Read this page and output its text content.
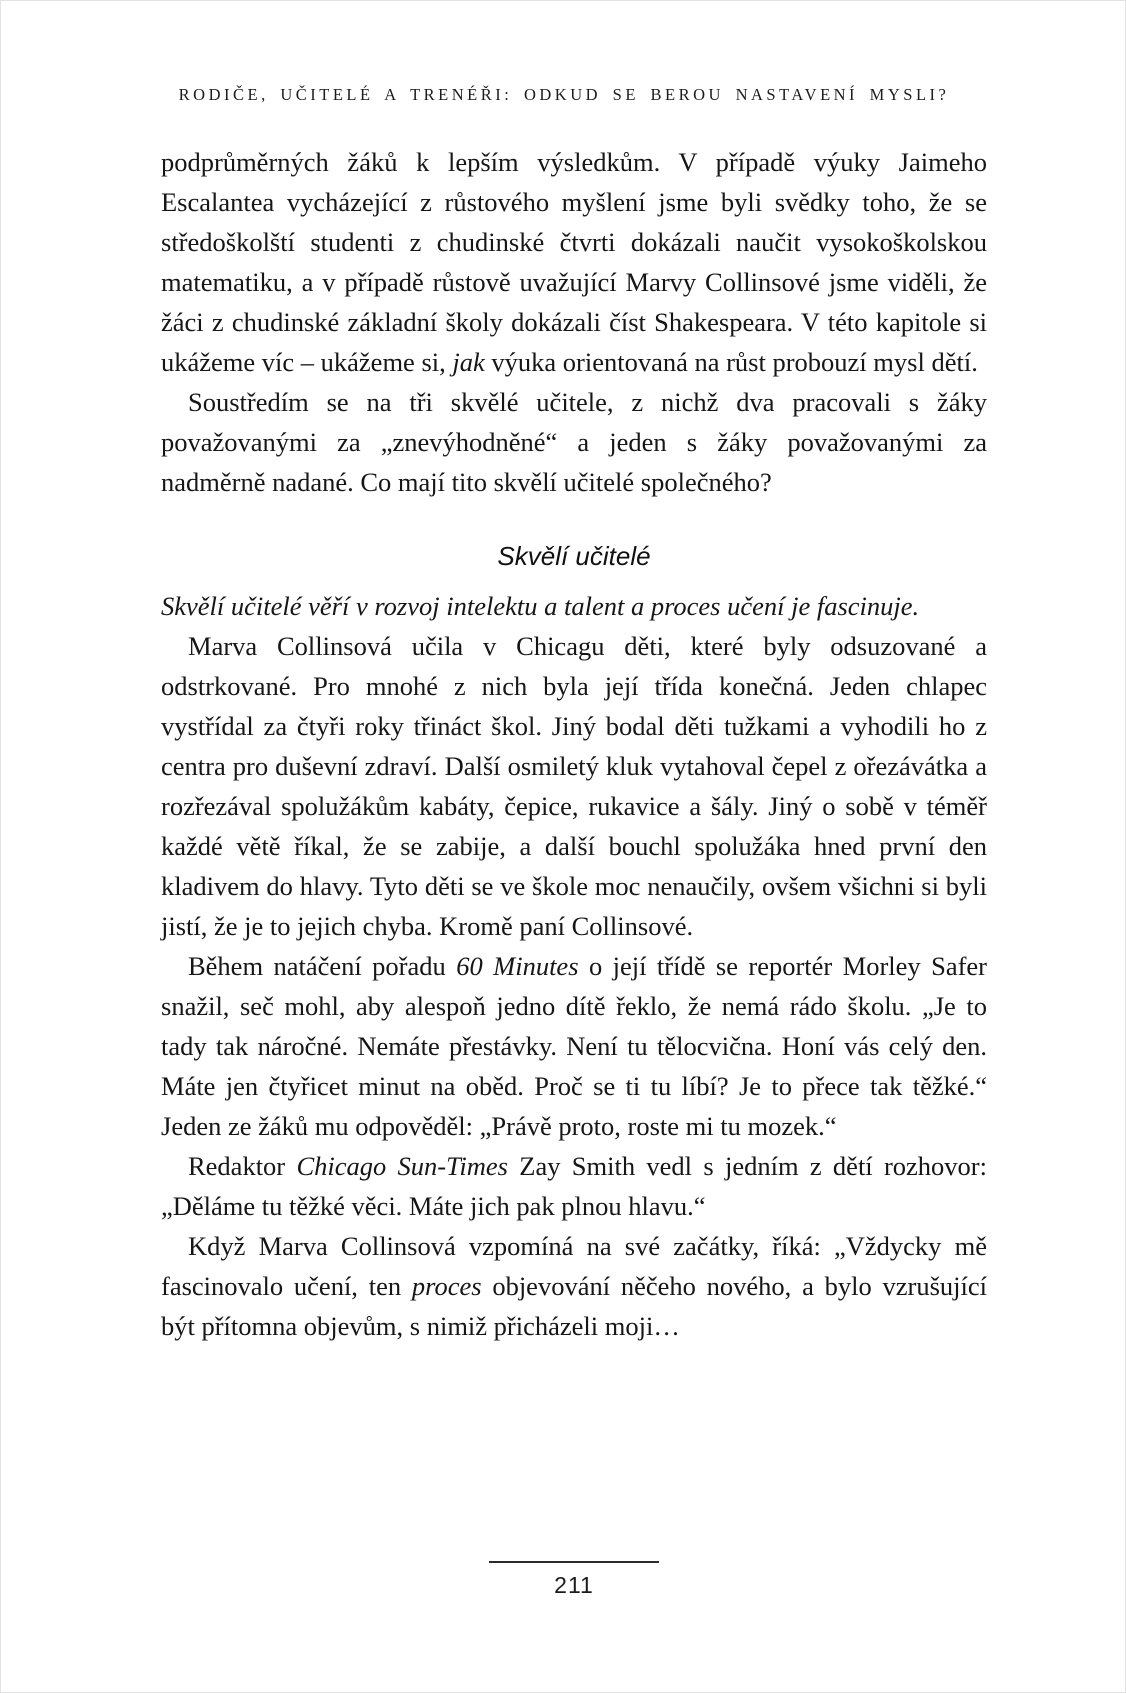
RODIČE, UČITELÉ A TRENÉŘI: ODKUD SE BEROU NASTAVENÍ MYSLI?

podprůměrných žáků k lepším výsledkům. V případě výuky Jaimeho Escalantea vycházející z růstového myšlení jsme byli svědky toho, že se středoškolští studenti z chudinské čtvrti dokázali naučit vysokoškolskou matematiku, a v případě růstově uvažující Marvy Collinsové jsme viděli, že žáci z chudinské základní školy dokázali číst Shakespeara. V této kapitole si ukážeme víc – ukážeme si, jak výuka orientovaná na růst probouzí mysl dětí.

Soustředím se na tři skvělé učitele, z nichž dva pracovali s žáky považovanými za „znevýhodněné“ a jeden s žáky považovanými za nadměrně nadané. Co mají tito skvělí učitelé společného?

Skvělí učitelé

Skvělí učitelé věří v rozvoj intelektu a talent a proces učení je fascinuje.

Marva Collinsová učila v Chicagu děti, které byly odsuzované a odstrkované. Pro mnohé z nich byla její třída konečná. Jeden chlapec vystřídal za čtyři roky třináct škol. Jiný bodal děti tužkami a vyhodili ho z centra pro duševní zdraví. Další osmiletý kluk vytahoval čepel z ořezávátka a rozřezával spolužákům kabáty, čepice, rukavice a šály. Jiný o sobě v téměř každé větě říkal, že se zabije, a další bouchl spolužáka hned první den kladivem do hlavy. Tyto děti se ve škole moc nenaučily, ovšem všichni si byli jistí, že je to jejich chyba. Kromě paní Collinsové.

Během natáčení pořadu 60 Minutes o její třídě se reportér Morley Safer snažil, seč mohl, aby alespoň jedno dítě řeklo, že nemá rádo školu. „Je to tady tak náročné. Nemáte přestávky. Není tu tělocvična. Honí vás celý den. Máte jen čtyřicet minut na oběd. Proč se ti tu líbí? Je to přece tak těžké.“ Jeden ze žáků mu odpověděl: „Právě proto, roste mi tu mozek.“

Redaktor Chicago Sun-Times Zay Smith vedl s jedním z dětí rozhovor: „Děláme tu těžké věci. Máte jich pak plnou hlavu.“

Když Marva Collinsová vzpomíná na své začátky, říká: „Vždycky mě fascinovalo učení, ten proces objevování něčeho nového, a bylo vzrušující být přítomna objevům, s nimiž přicházeli moji…

211
